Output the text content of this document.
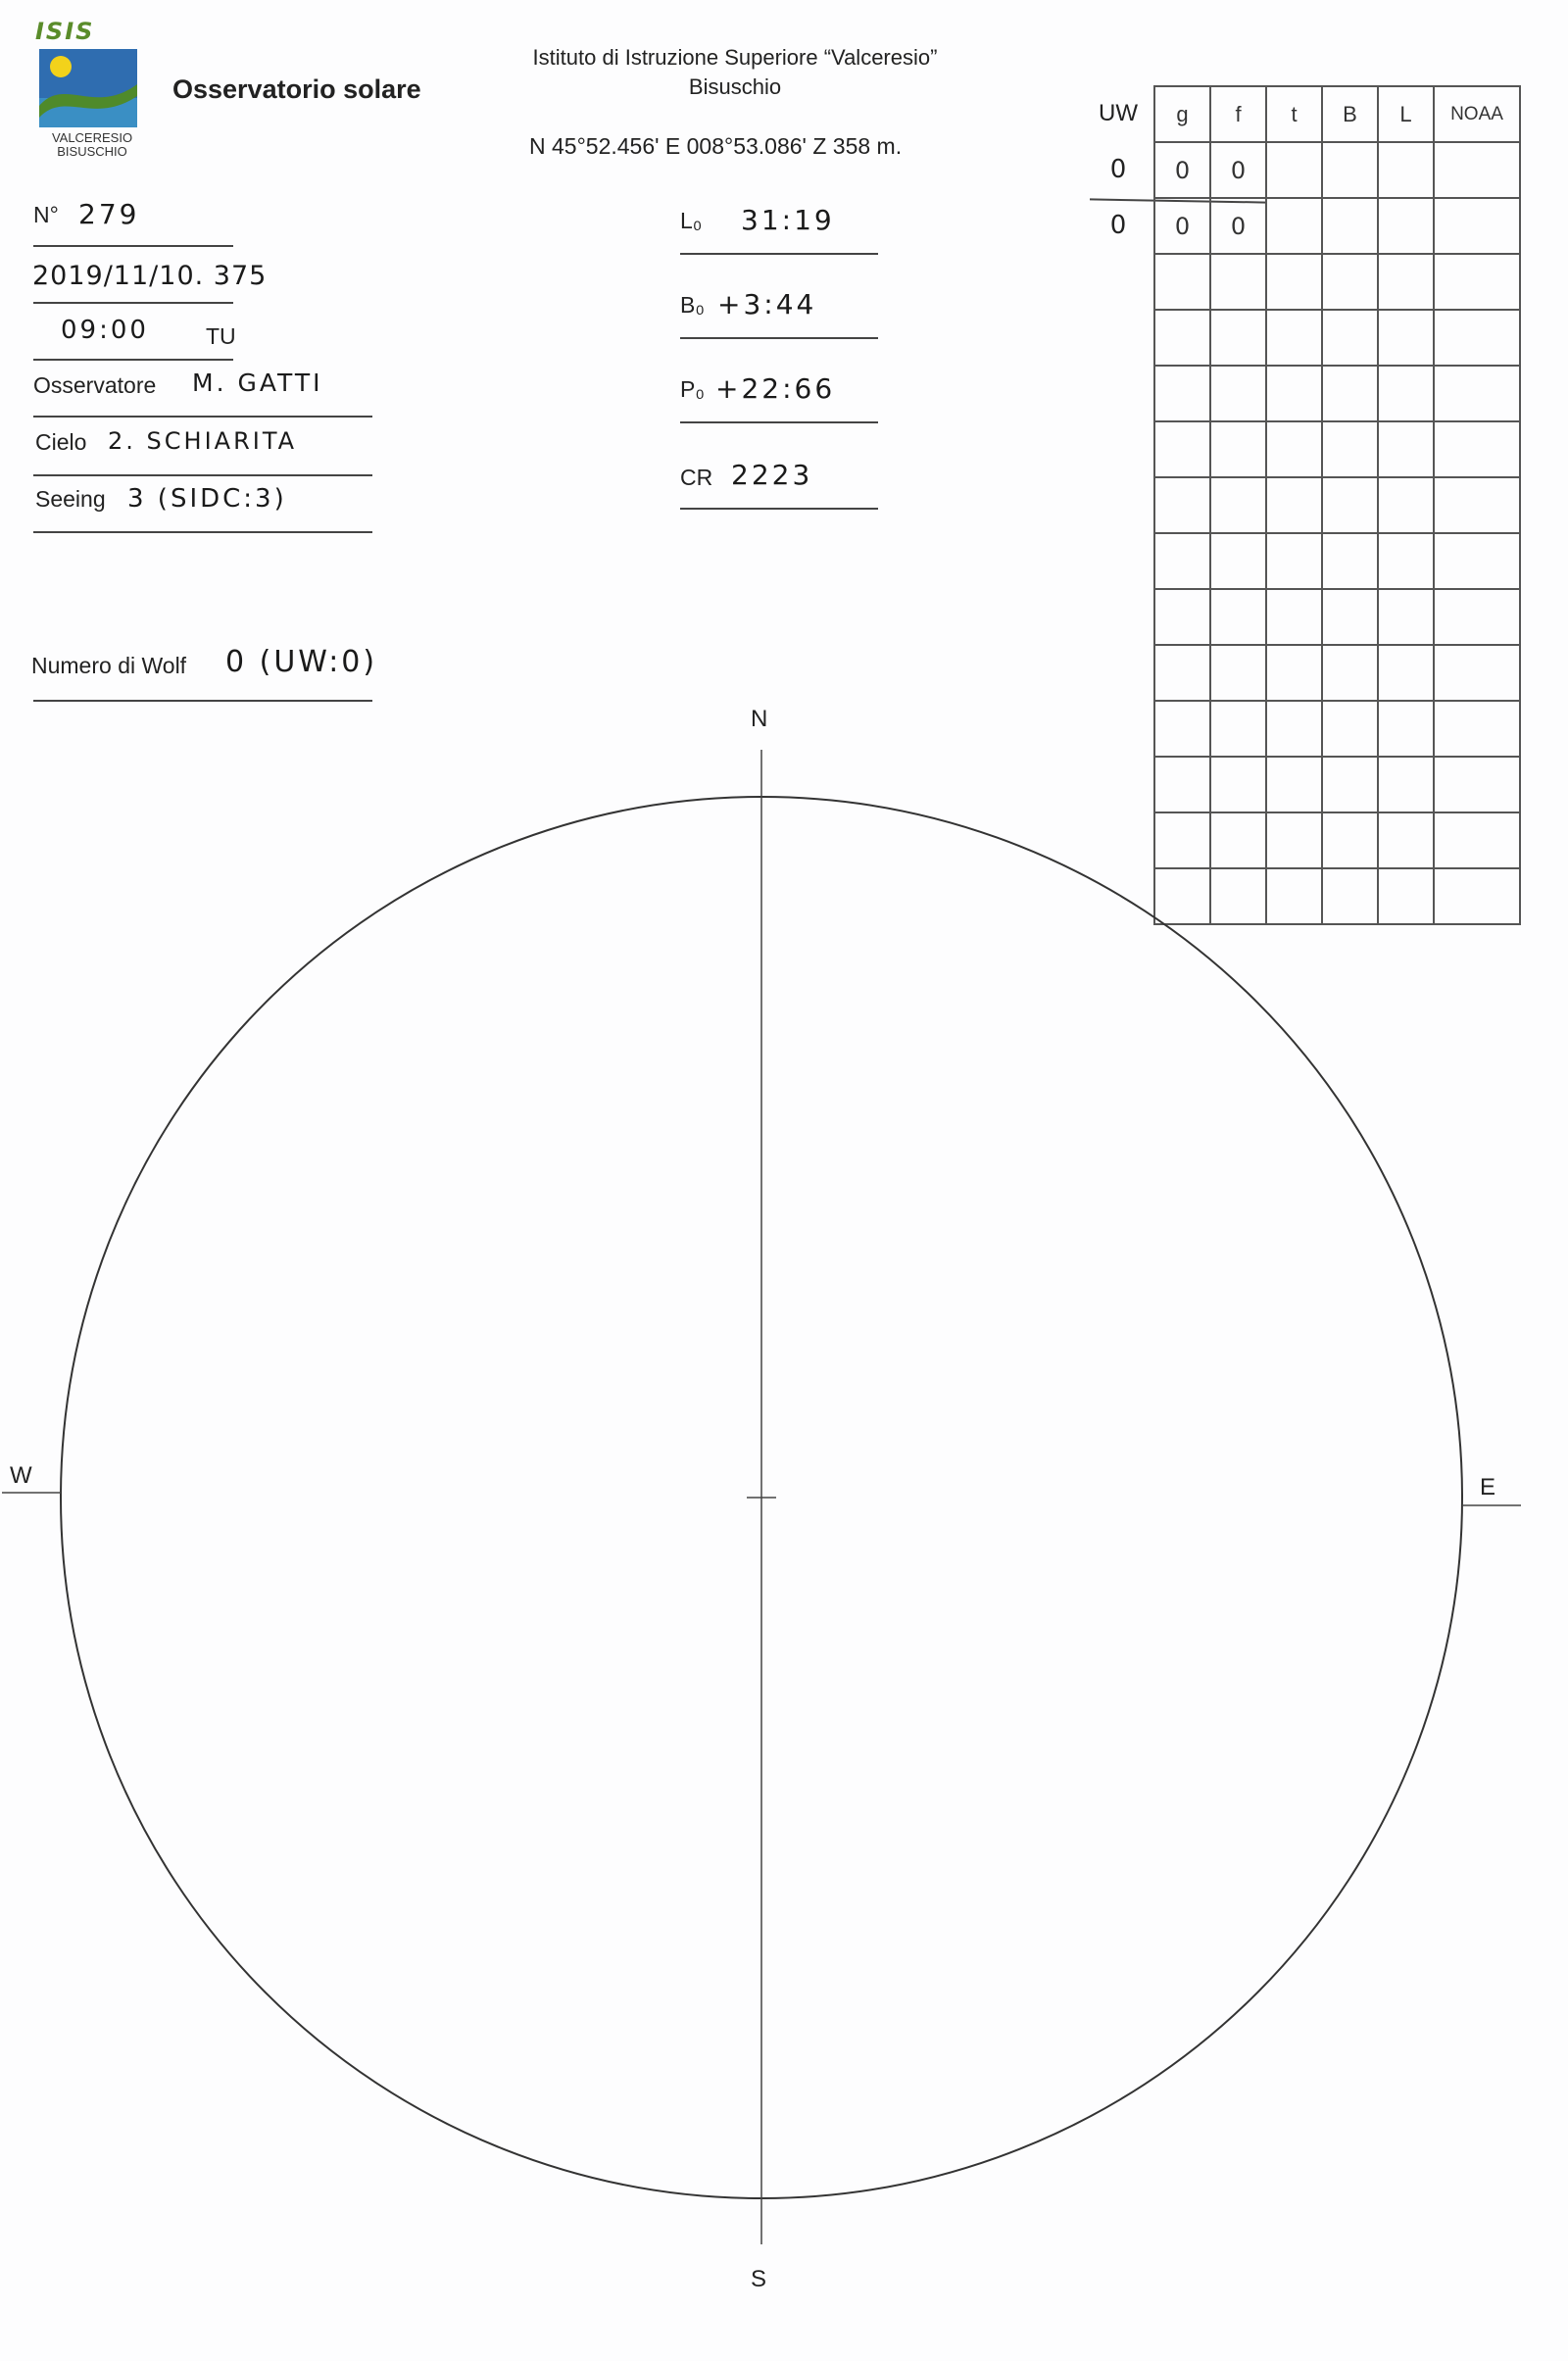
ISIS
VALCERESIO
BISUSCHIO
Osservatorio solare
Istituto di Istruzione Superiore “Valceresio”
Bisuschio
N 45°52.456' E 008°53.086' Z 358 m.
N° 279
2019/11/10. 375
09:00	TU
Osservatore M. GATTI
Cielo 2. SCHIARITA
Seeing 3 (SIDC:3)
Numero di Wolf 0 (UW:0)
L₀ 31:19
B₀ +3:44
P₀ +22:66
CR 2223
UW
0
0
g	f	t	B	L	NOAA
0	0				
0	0				

N
S
W	E
